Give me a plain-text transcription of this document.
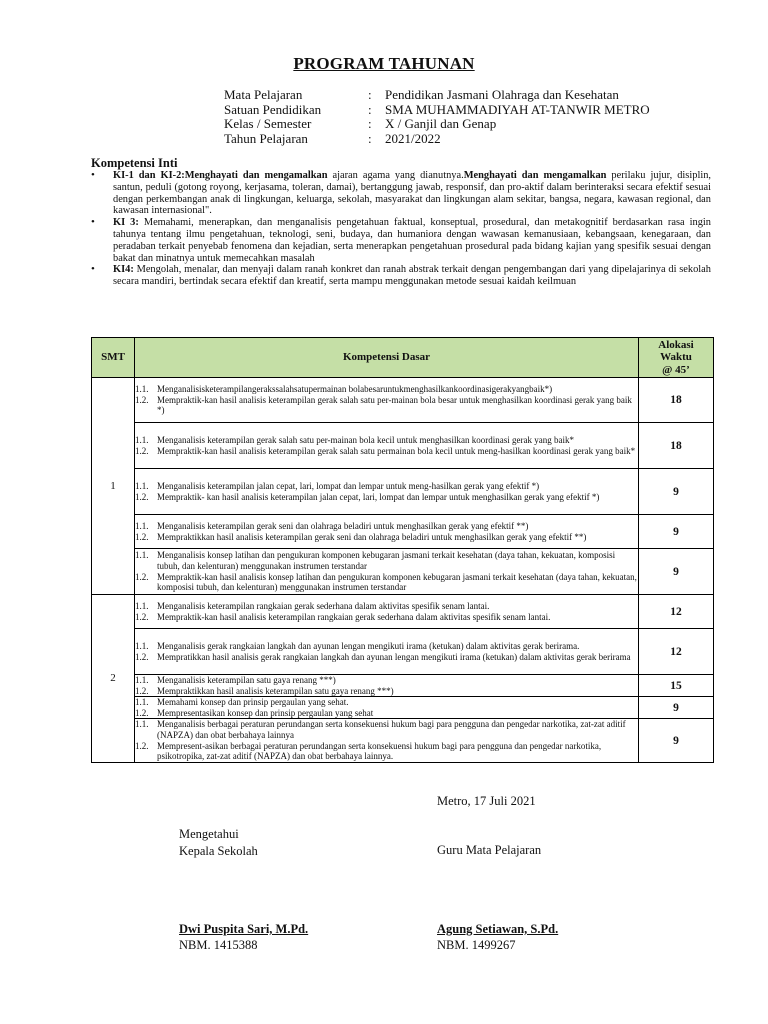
PROGRAM TAHUNAN
Mata Pelajaran	:	Pendidikan Jasmani Olahraga dan Kesehatan
Satuan Pendidikan	:	SMA MUHAMMADIYAH AT-TANWIR METRO
Kelas / Semester	:	X / Ganjil dan Genap
Tahun Pelajaran	:	2021/2022
Kompetensi Inti
•	KI-1 dan KI-2:Menghayati dan mengamalkan ajaran agama yang dianutnya.Menghayati dan mengamalkan perilaku jujur, disiplin, santun, peduli (gotong royong, kerjasama, toleran, damai), bertanggung jawab, responsif, dan pro-aktif dalam berinteraksi secara efektif sesuai dengan perkembangan anak di lingkungan, keluarga, sekolah, masyarakat dan lingkungan alam sekitar, bangsa, negara, kawasan regional, dan kawasan internasional".
•	KI 3: Memahami, menerapkan, dan menganalisis pengetahuan faktual, konseptual, prosedural, dan metakognitif berdasarkan rasa ingin tahunya tentang ilmu pengetahuan, teknologi, seni, budaya, dan humaniora dengan wawasan kemanusiaan, kebangsaan, kenegaraan, dan peradaban terkait penyebab fenomena dan kejadian, serta menerapkan pengetahuan prosedural pada bidang kajian yang spesifik sesuai dengan bakat dan minatnya untuk memecahkan masalah
•	KI4: Mengolah, menalar, dan menyaji dalam ranah konkret dan ranah abstrak terkait dengan pengembangan dari yang dipelajarinya di sekolah secara mandiri, bertindak secara efektif dan kreatif, serta mampu menggunakan metode sesuai kaidah keilmuan
SMT	Kompetensi Dasar	Alokasi
Waktu
@ 45’

1	1.1. Menganalisisketerampilangerakssalahsatupermainan bolabesaruntukmenghasilkankoordinasigerakyangbaik*)
1.2. Mempraktik-kan hasil analisis keterampilan gerak salah satu per-mainan bola besar untuk menghasilkan koordinasi gerak yang baik *)	18

	1.1. Menganalisis keterampilan gerak salah satu per-mainan bola kecil untuk menghasilkan koordinasi gerak yang baik*
1.2. Mempraktik-kan hasil analisis keterampilan gerak salah satu permainan bola kecil untuk meng-hasilkan koordinasi gerak yang baik*	18

	1.1. Menganalisis keterampilan jalan cepat, lari, lompat dan lempar untuk meng-hasilkan gerak yang efektif *)
1.2. Mempraktik- kan hasil analisis keterampilan jalan cepat, lari, lompat dan lempar untuk menghasilkan gerak yang efektif *)	9

	1.1. Menganalisis keterampilan gerak seni dan olahraga beladiri untuk menghasilkan gerak yang efektif **)
1.2. Mempraktikkan hasil analisis keterampilan gerak seni dan olahraga beladiri untuk menghasilkan gerak yang efektif **)	9

	1.1. Menganalisis konsep latihan dan pengukuran komponen kebugaran jasmani terkait kesehatan (daya tahan, kekuatan, komposisi tubuh, dan kelenturan) menggunakan instrumen terstandar
1.2. Mempraktik-kan hasil analisis konsep latihan dan pengukuran komponen kebugaran jasmani terkait kesehatan (daya tahan, kekuatan, komposisi tubuh, dan kelenturan) menggunakan instrumen terstandar	9
2	1.1. Menganalisis keterampilan rangkaian gerak sederhana dalam aktivitas spesifik senam lantai.
1.2. Mempraktik-kan hasil analisis keterampilan rangkaian gerak sederhana dalam aktivitas spesifik senam lantai.	12

	1.1. Menganalisis gerak rangkaian langkah dan ayunan lengan mengikuti irama (ketukan) dalam aktivitas gerak berirama.
1.2. Mempratikkan hasil analisis gerak rangkaian langkah dan ayunan lengan mengikuti irama (ketukan) dalam aktivitas gerak berirama	12

	1.1. Menganalisis keterampilan satu gaya renang ***)
1.2. Mempraktikkan hasil analisis keterampilan satu gaya renang ***)	15

	1.1. Memahami konsep dan prinsip pergaulan yang sehat.
1.2. Mempresentasikan konsep dan prinsip pergaulan yang sehat	9

	1.1. Menganalisis berbagai peraturan perundangan serta konsekuensi hukum bagi para pengguna dan pengedar narkotika, zat-zat aditif (NAPZA) dan obat berbahaya lainnya
1.2. Mempresent-asikan berbagai peraturan perundangan serta konsekuensi hukum bagi para pengguna dan pengedar narkotika, psikotropika, zat-zat aditif (NAPZA) dan obat berbahaya lainnya.	9
Metro, 17 Juli 2021
Mengetahui
Kepala Sekolah	Guru Mata Pelajaran
Dwi Puspita Sari, M.Pd.
NBM. 1415388
Agung Setiawan, S.Pd.
NBM. 1499267
